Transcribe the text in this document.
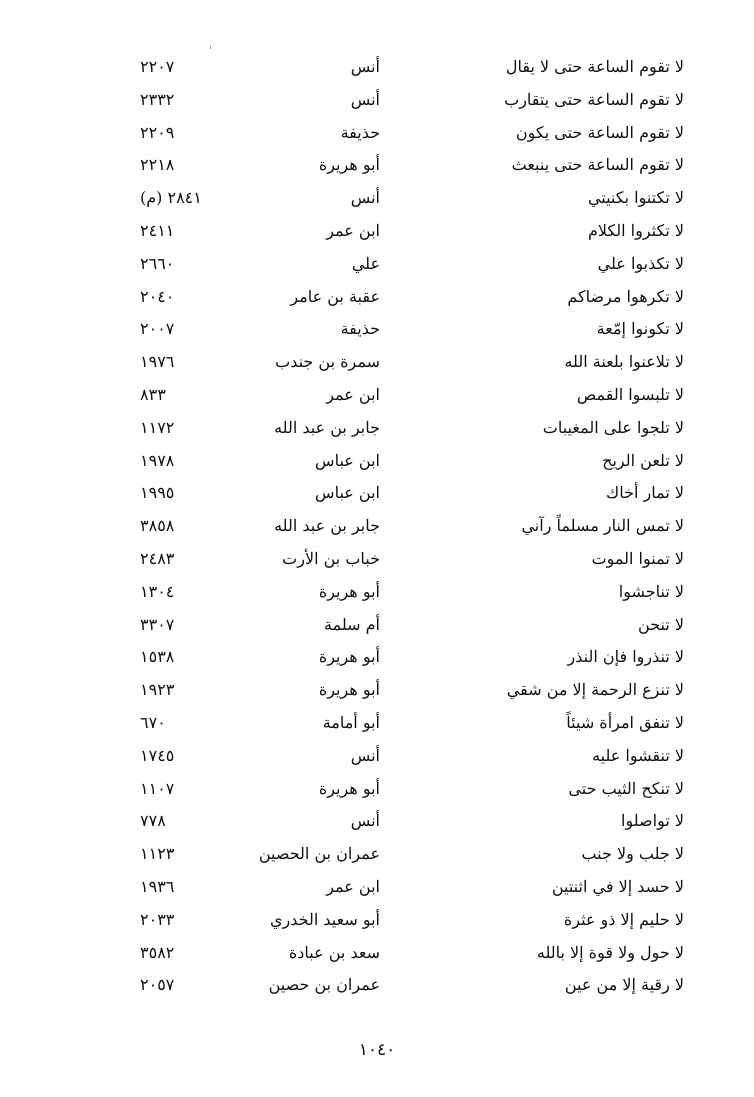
لا تقوم الساعة حتى لا يقال
أنس
٢٢٠٧
لا تقوم الساعة حتى يتقارب
أنس
٢٣٣٢
لا تقوم الساعة حتى يكون
حذيفة
٢٢٠٩
لا تقوم الساعة حتى ينبعث
أبو هريرة
٢٢١٨
لا تكتنوا بكنيتي
أنس
٢٨٤١ (م)
لا تكثروا الكلام
ابن عمر
٢٤١١
لا تكذبوا علي
علي
٢٦٦٠
لا تكرهوا مرضاكم
عقبة بن عامر
٢٠٤٠
لا تكونوا إمّعة
حذيفة
٢٠٠٧
لا تلاعنوا بلعنة الله
سمرة بن جندب
١٩٧٦
لا تلبسوا القمص
ابن عمر
٨٣٣
لا تلجوا على المغيبات
جابر بن عبد الله
١١٧٢
لا تلعن الريح
ابن عباس
١٩٧٨
لا تمار أخاك
ابن عباس
١٩٩٥
لا تمس النار مسلماً رآني
جابر بن عبد الله
٣٨٥٨
لا تمنوا الموت
خباب بن الأرت
٢٤٨٣
لا تناجشوا
أبو هريرة
١٣٠٤
لا تنحن
أم سلمة
٣٣٠٧
لا تنذروا فإن النذر
أبو هريرة
١٥٣٨
لا تنزع الرحمة إلا من شقي
أبو هريرة
١٩٢٣
لا تنفق امرأة شيئاً
أبو أمامة
٦٧٠
لا تنقشوا عليه
أنس
١٧٤٥
لا تنكح الثيب حتى
أبو هريرة
١١٠٧
لا تواصلوا
أنس
٧٧٨
لا جلب ولا جنب
عمران بن الحصين
١١٢٣
لا حسد إلا في اثنتين
ابن عمر
١٩٣٦
لا حليم إلا ذو عثرة
أبو سعيد الخدري
٢٠٣٣
لا حول ولا قوة إلا بالله
سعد بن عبادة
٣٥٨٢
لا رقية إلا من عين
عمران بن حصين
٢٠٥٧
١٠٤٠
